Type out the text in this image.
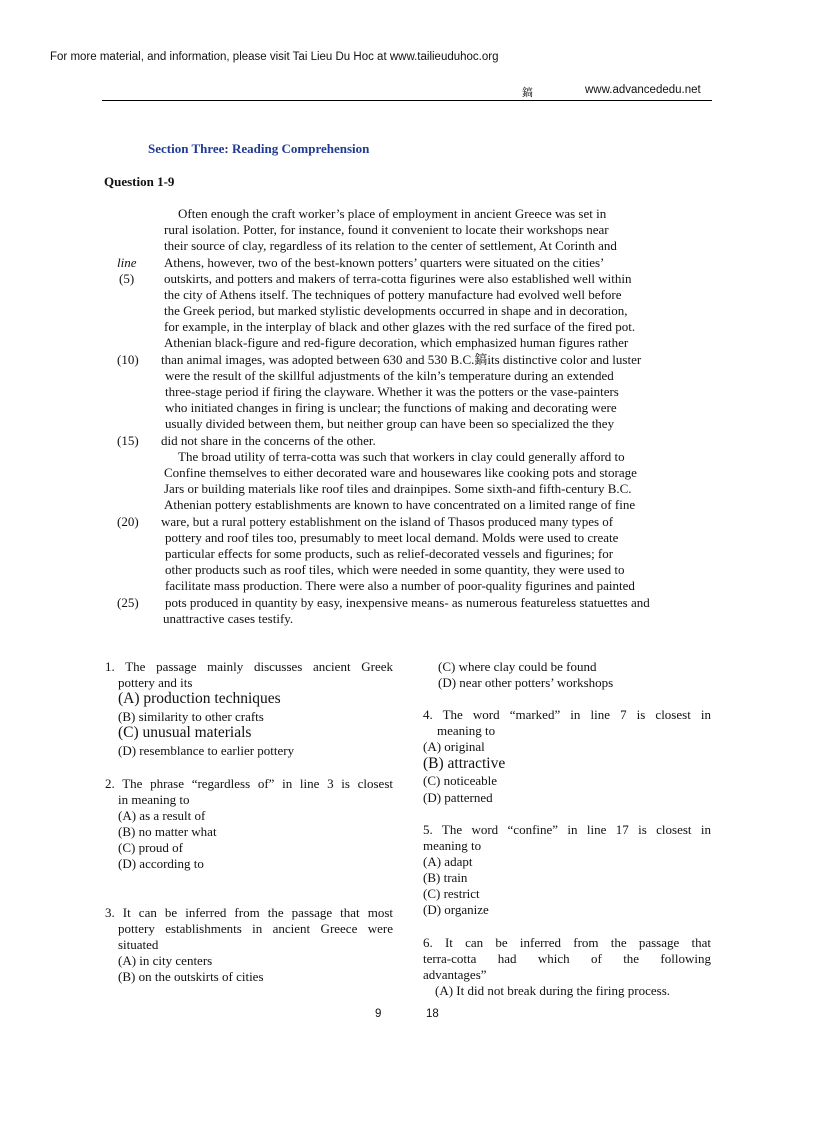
For more material, and information, please visit Tai Lieu Du Hoc at www.tailieuduhoc.org
鎬	www.advancededu.net
Section Three: Reading Comprehension
Question 1-9
line
(5)
(10)
(15)
(20)
(25)
Often enough the craft worker’s place of employment in ancient Greece was set in
rural isolation. Potter, for instance, found it convenient to locate their workshops near
their source of clay, regardless of its relation to the center of settlement, At Corinth and
Athens, however, two of the best-known potters’ quarters were situated on the cities’
outskirts, and potters and makers of terra-cotta figurines were also established well within
the city of Athens itself. The techniques of pottery manufacture had evolved well before
the Greek period, but marked stylistic developments occurred in shape and in decoration,
for example, in the interplay of black and other glazes with the red surface of the fired pot.
Athenian black-figure and red-figure decoration, which emphasized human figures rather
than animal images, was adopted between 630 and 530 B.C.鎬its distinctive color and luster
were the result of the skillful adjustments of the kiln’s temperature during an extended
three-stage period if firing the clayware. Whether it was the potters or the vase-painters
who initiated changes in firing is unclear; the functions of making and decorating were
usually divided between them, but neither group can have been so specialized the they
did not share in the concerns of the other.
The broad utility of terra-cotta was such that workers in clay could generally afford to
Confine themselves to either decorated ware and housewares like cooking pots and storage
Jars or building materials like roof tiles and drainpipes. Some sixth-and fifth-century B.C.
Athenian pottery establishments are known to have concentrated on a limited range of fine
ware, but a rural pottery establishment on the island of Thasos produced many types of
pottery and roof tiles too, presumably to meet local demand. Molds were used to create
particular effects for some products, such as relief-decorated vessels and figurines; for
other products such as roof tiles, which were needed in some quantity, they were used to
facilitate mass production. There were also a number of poor-quality figurines and painted
pots produced in quantity by easy, inexpensive means- as numerous featureless statuettes and
unattractive cases testify.
1. The passage mainly discusses ancient Greek
pottery and its
(A) production techniques
(B) similarity to other crafts
(C) unusual materials
(D) resemblance to earlier pottery
2. The phrase “regardless of” in line 3 is closest
in meaning to
(A) as a result of
(B) no matter what
(C) proud of
(D) according to
3. It can be inferred from the passage that most
pottery establishments in ancient Greece were
situated
(A) in city centers
(B) on the outskirts of cities
(C) where clay could be found
(D) near other potters’ workshops
4. The word “marked” in line 7 is closest in
meaning to
(A) original
(B) attractive
(C) noticeable
(D) patterned
5. The word “confine” in line 17 is closest in
meaning to
(A) adapt
(B) train
(C) restrict
(D) organize
6. It can be inferred from the passage that
terra-cotta had which of the following
advantages”
(A) It did not break during the firing process.
9	18
